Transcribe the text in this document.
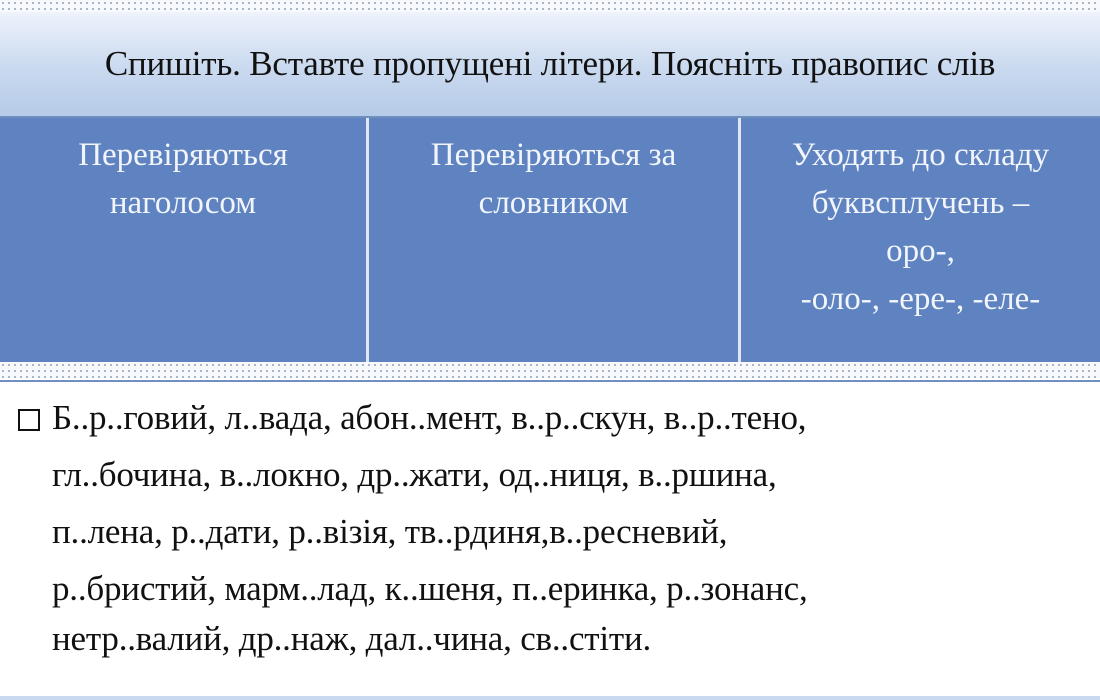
Спишіть. Вставте пропущені літери. Поясніть правопис слів
Перевіряються
наголосом
Перевіряються за
словником
Уходять до складу
буквсплучень –
оро-,
-оло-, -ере-, -еле-
Б..р..говий, л..вада, абон..мент, в..р..скун, в..р..тено,
гл..бочина, в..локно, др..жати, од..ниця, в..ршина,
п..лена, р..дати, р..візія, тв..рдиня,в..ресневий,
р..бристий, марм..лад, к..шеня, п..еринка, р..зонанс,
нетр..валий, др..наж, дал..чина, св..стіти.
